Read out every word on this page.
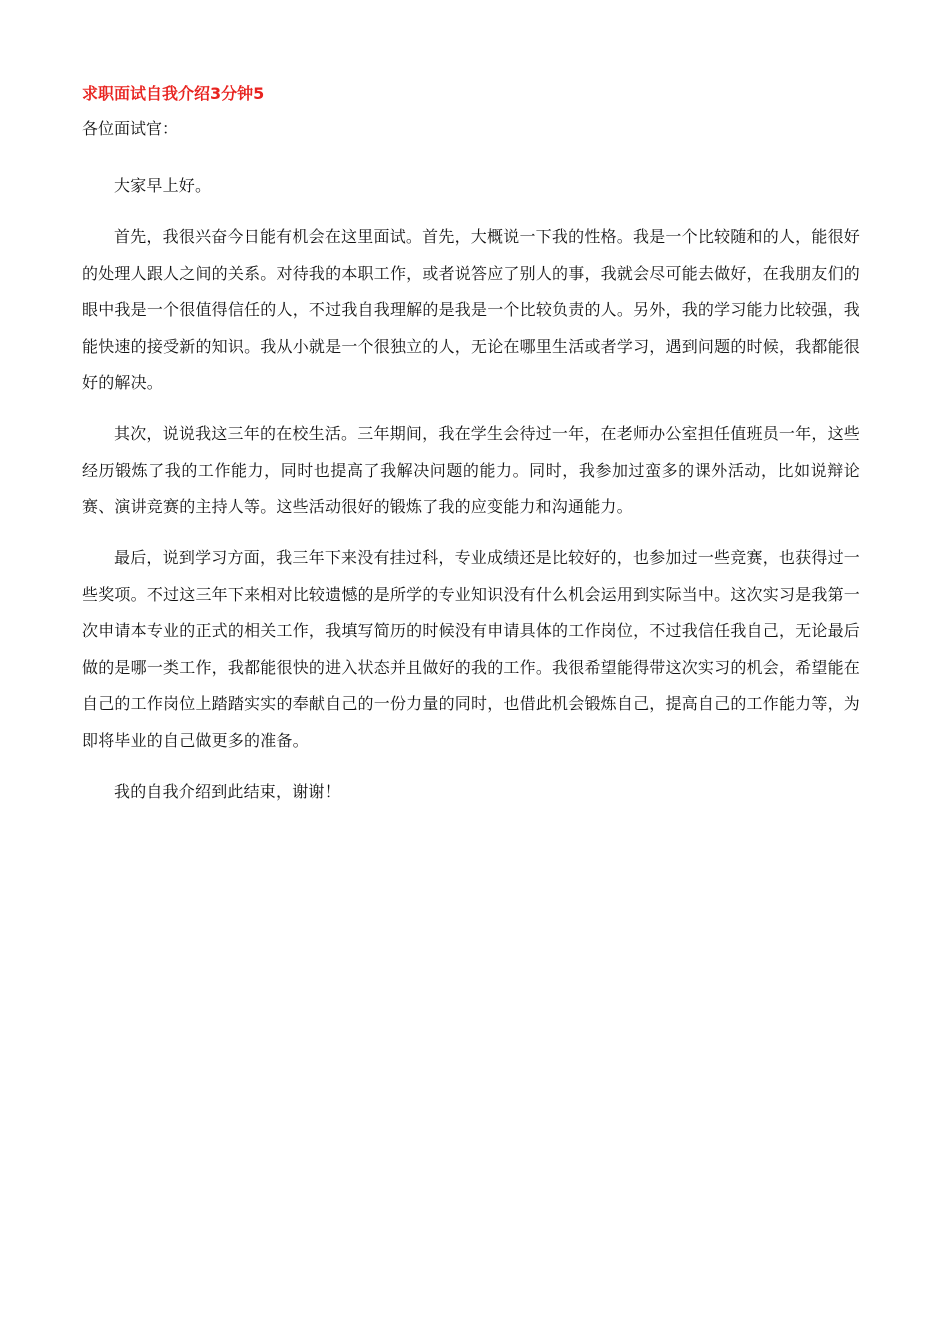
求职面试自我介绍3分钟5
各位面试官：

大家早上好。

首先，我很兴奋今日能有机会在这里面试。首先，大概说一下我的性格。我是一个比较随和的人，能很好的处理人跟人之间的关系。对待我的本职工作，或者说答应了别人的事，我就会尽可能去做好，在我朋友们的眼中我是一个很值得信任的人，不过我自我理解的是我是一个比较负责的人。另外，我的学习能力比较强，我能快速的接受新的知识。我从小就是一个很独立的人，无论在哪里生活或者学习，遇到问题的时候，我都能很好的解决。

其次，说说我这三年的在校生活。三年期间，我在学生会待过一年，在老师办公室担任值班员一年，这些经历锻炼了我的工作能力，同时也提高了我解决问题的能力。同时，我参加过蛮多的课外活动，比如说辩论赛、演讲竞赛的主持人等。这些活动很好的锻炼了我的应变能力和沟通能力。

最后，说到学习方面，我三年下来没有挂过科，专业成绩还是比较好的，也参加过一些竞赛，也获得过一些奖项。不过这三年下来相对比较遗憾的是所学的专业知识没有什么机会运用到实际当中。这次实习是我第一次申请本专业的正式的相关工作，我填写简历的时候没有申请具体的工作岗位，不过我信任我自己，无论最后做的是哪一类工作，我都能很快的进入状态并且做好的我的工作。我很希望能得带这次实习的机会，希望能在自己的工作岗位上踏踏实实的奉献自己的一份力量的同时，也借此机会锻炼自己，提高自己的工作能力等，为即将毕业的自己做更多的准备。

我的自我介绍到此结束，谢谢！
